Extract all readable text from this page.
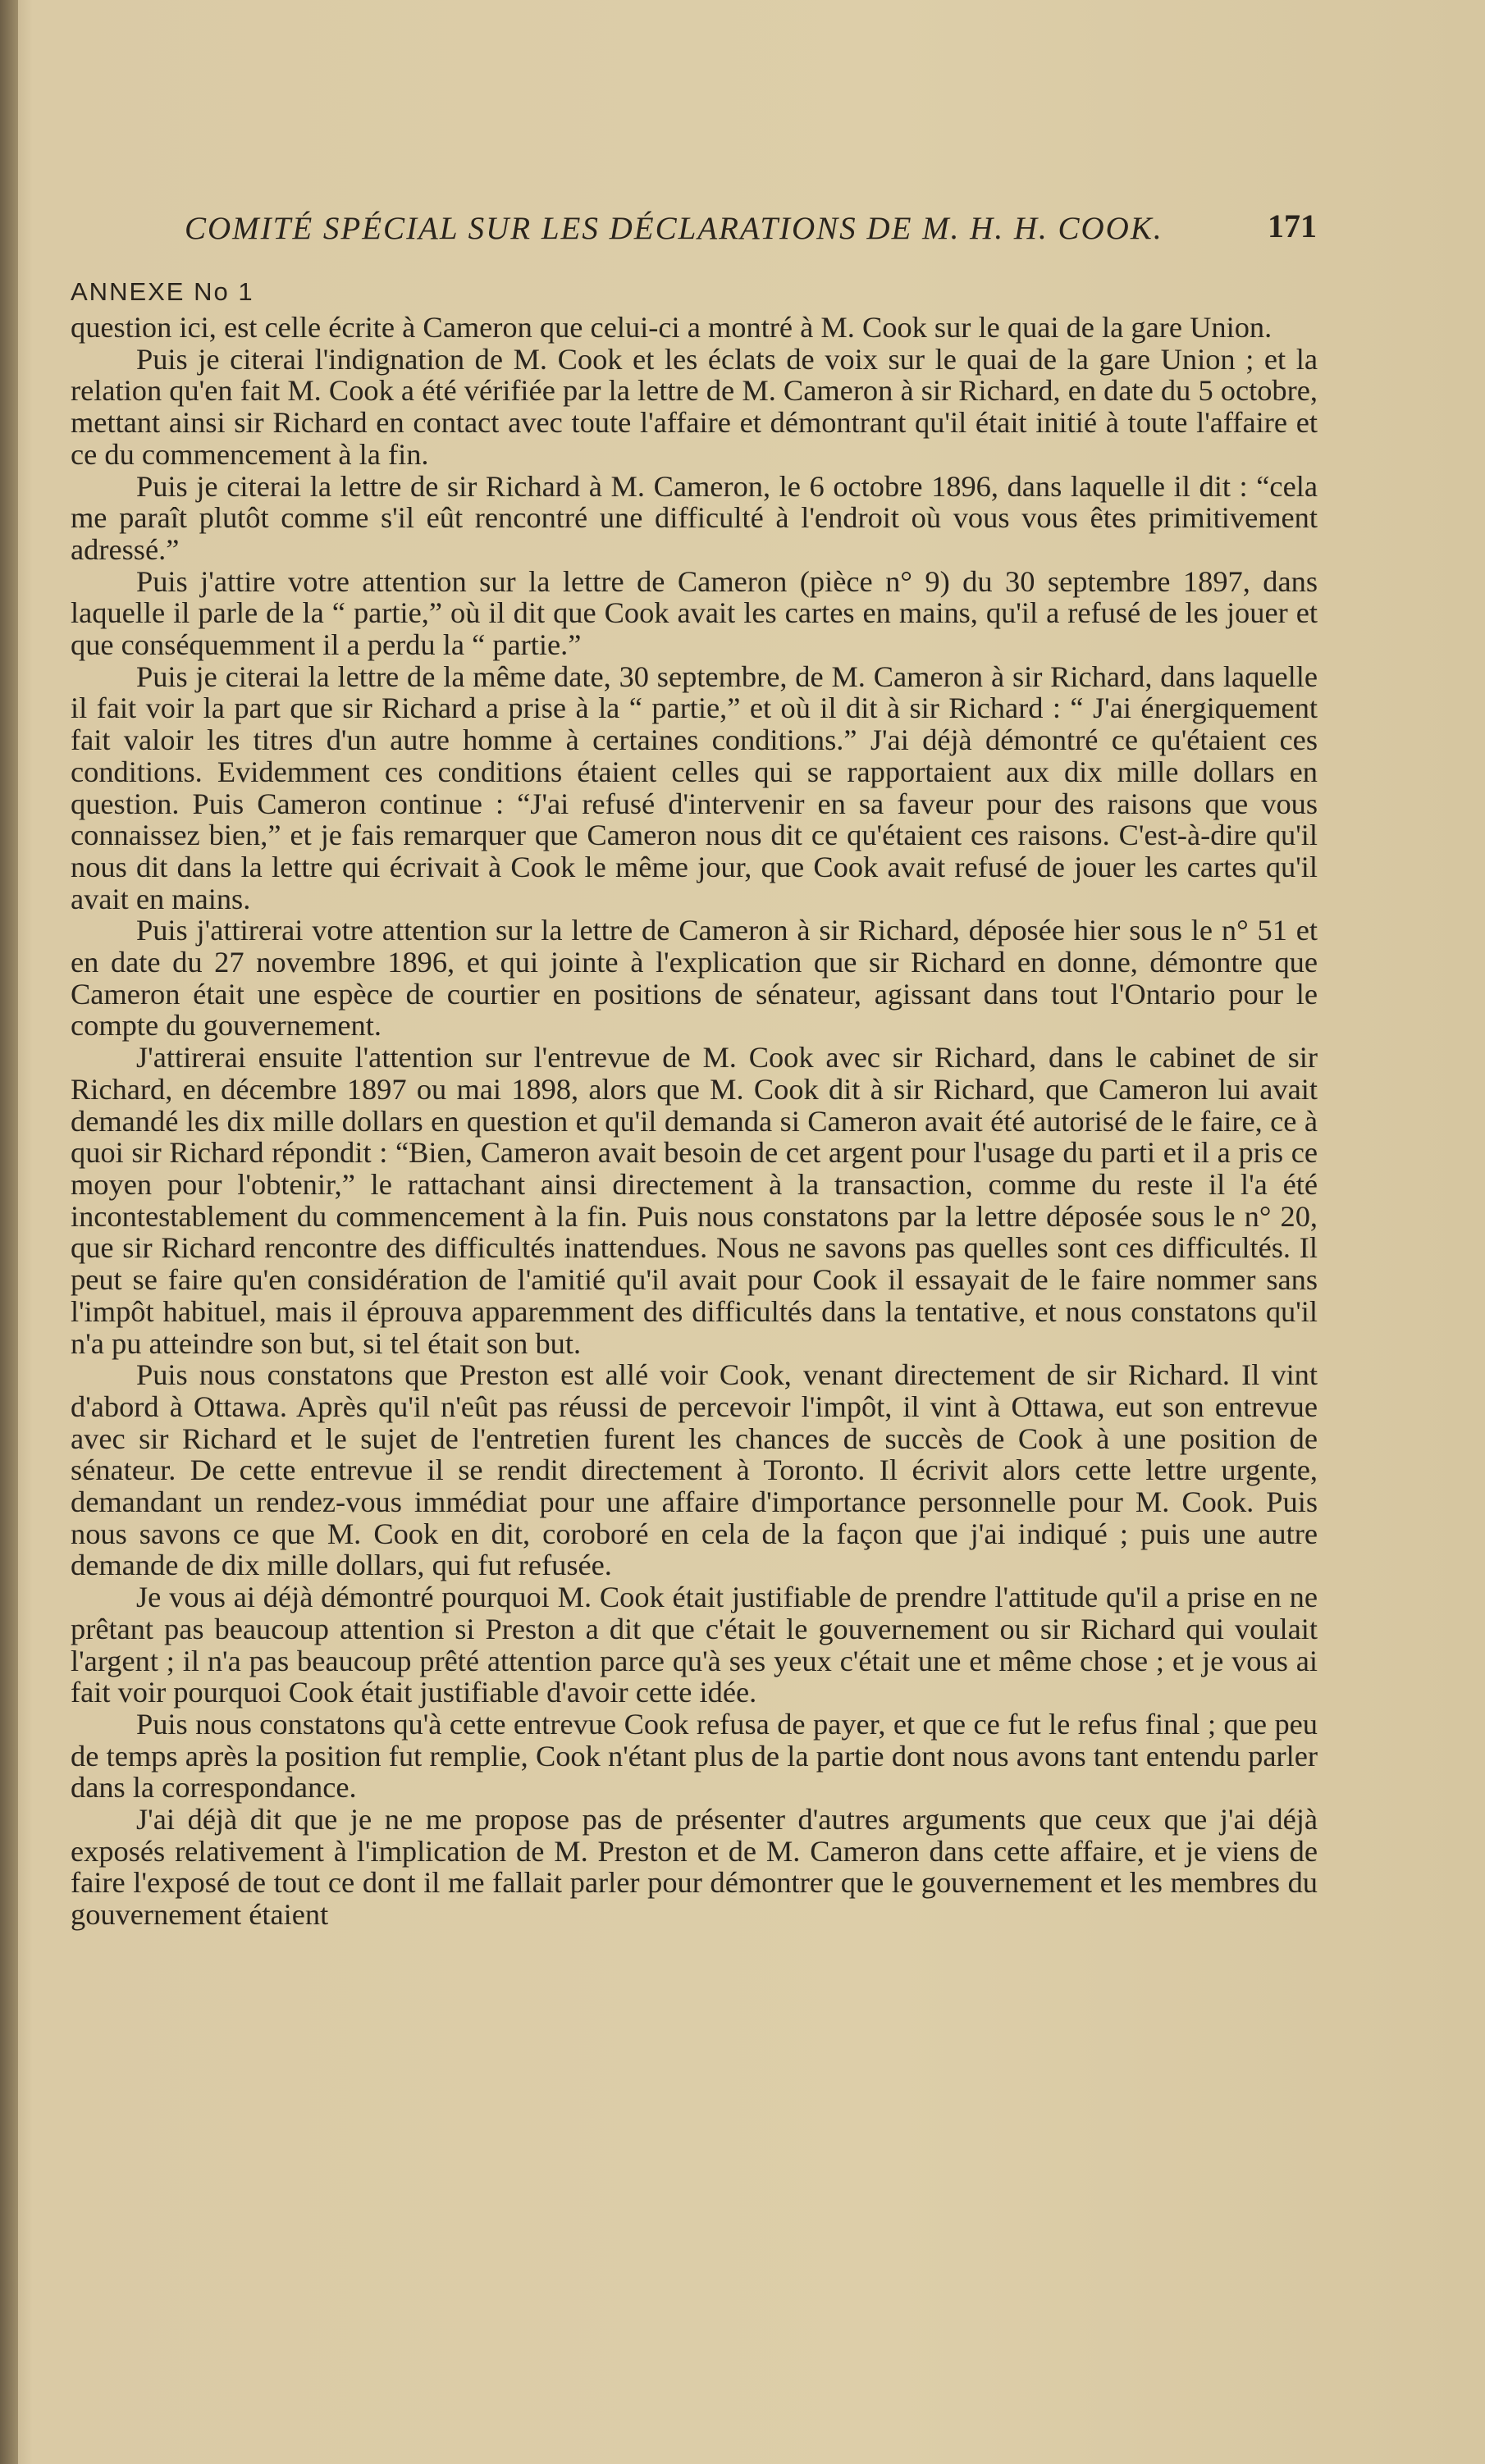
COMITÉ SPÉCIAL SUR LES DÉCLARATIONS DE M. H. H. COOK.	171
ANNEXE No 1

question ici, est celle écrite à Cameron que celui-ci a montré à M. Cook sur le quai de la gare Union.

Puis je citerai l'indignation de M. Cook et les éclats de voix sur le quai de la gare Union ; et la relation qu'en fait M. Cook a été vérifiée par la lettre de M. Cameron à sir Richard, en date du 5 octobre, mettant ainsi sir Richard en contact avec toute l'affaire et démontrant qu'il était initié à toute l'affaire et ce du commencement à la fin.

Puis je citerai la lettre de sir Richard à M. Cameron, le 6 octobre 1896, dans laquelle il dit : “cela me paraît plutôt comme s'il eût rencontré une difficulté à l'endroit où vous vous êtes primitivement adressé.”

Puis j'attire votre attention sur la lettre de Cameron (pièce n° 9) du 30 septembre 1897, dans laquelle il parle de la “ partie,” où il dit que Cook avait les cartes en mains, qu'il a refusé de les jouer et que conséquemment il a perdu la “ partie.”

Puis je citerai la lettre de la même date, 30 septembre, de M. Cameron à sir Richard, dans laquelle il fait voir la part que sir Richard a prise à la “ partie,” et où il dit à sir Richard : “ J'ai énergiquement fait valoir les titres d'un autre homme à certaines conditions.” J'ai déjà démontré ce qu'étaient ces conditions. Evidemment ces conditions étaient celles qui se rapportaient aux dix mille dollars en question. Puis Cameron continue : “J'ai refusé d'intervenir en sa faveur pour des raisons que vous connaissez bien,” et je fais remarquer que Cameron nous dit ce qu'étaient ces raisons. C'est-à-dire qu'il nous dit dans la lettre qui écrivait à Cook le même jour, que Cook avait refusé de jouer les cartes qu'il avait en mains.

Puis j'attirerai votre attention sur la lettre de Cameron à sir Richard, déposée hier sous le n° 51 et en date du 27 novembre 1896, et qui jointe à l'explication que sir Richard en donne, démontre que Cameron était une espèce de courtier en positions de sénateur, agissant dans tout l'Ontario pour le compte du gouvernement.

J'attirerai ensuite l'attention sur l'entrevue de M. Cook avec sir Richard, dans le cabinet de sir Richard, en décembre 1897 ou mai 1898, alors que M. Cook dit à sir Richard, que Cameron lui avait demandé les dix mille dollars en question et qu'il demanda si Cameron avait été autorisé de le faire, ce à quoi sir Richard répondit : “Bien, Cameron avait besoin de cet argent pour l'usage du parti et il a pris ce moyen pour l'obtenir,” le rattachant ainsi directement à la transaction, comme du reste il l'a été incontestablement du commencement à la fin. Puis nous constatons par la lettre déposée sous le n° 20, que sir Richard rencontre des difficultés inattendues. Nous ne savons pas quelles sont ces difficultés. Il peut se faire qu'en considération de l'amitié qu'il avait pour Cook il essayait de le faire nommer sans l'impôt habituel, mais il éprouva apparemment des difficultés dans la tentative, et nous constatons qu'il n'a pu atteindre son but, si tel était son but.

Puis nous constatons que Preston est allé voir Cook, venant directement de sir Richard. Il vint d'abord à Ottawa. Après qu'il n'eût pas réussi de percevoir l'impôt, il vint à Ottawa, eut son entrevue avec sir Richard et le sujet de l'entretien furent les chances de succès de Cook à une position de sénateur. De cette entrevue il se rendit directement à Toronto. Il écrivit alors cette lettre urgente, demandant un rendez-vous immédiat pour une affaire d'importance personnelle pour M. Cook. Puis nous savons ce que M. Cook en dit, coroboré en cela de la façon que j'ai indiqué ; puis une autre demande de dix mille dollars, qui fut refusée.

Je vous ai déjà démontré pourquoi M. Cook était justifiable de prendre l'attitude qu'il a prise en ne prêtant pas beaucoup attention si Preston a dit que c'était le gouvernement ou sir Richard qui voulait l'argent ; il n'a pas beaucoup prêté attention parce qu'à ses yeux c'était une et même chose ; et je vous ai fait voir pourquoi Cook était justifiable d'avoir cette idée.

Puis nous constatons qu'à cette entrevue Cook refusa de payer, et que ce fut le refus final ; que peu de temps après la position fut remplie, Cook n'étant plus de la partie dont nous avons tant entendu parler dans la correspondance.

J'ai déjà dit que je ne me propose pas de présenter d'autres arguments que ceux que j'ai déjà exposés relativement à l'implication de M. Preston et de M. Cameron dans cette affaire, et je viens de faire l'exposé de tout ce dont il me fallait parler pour démontrer que le gouvernement et les membres du gouvernement étaient
